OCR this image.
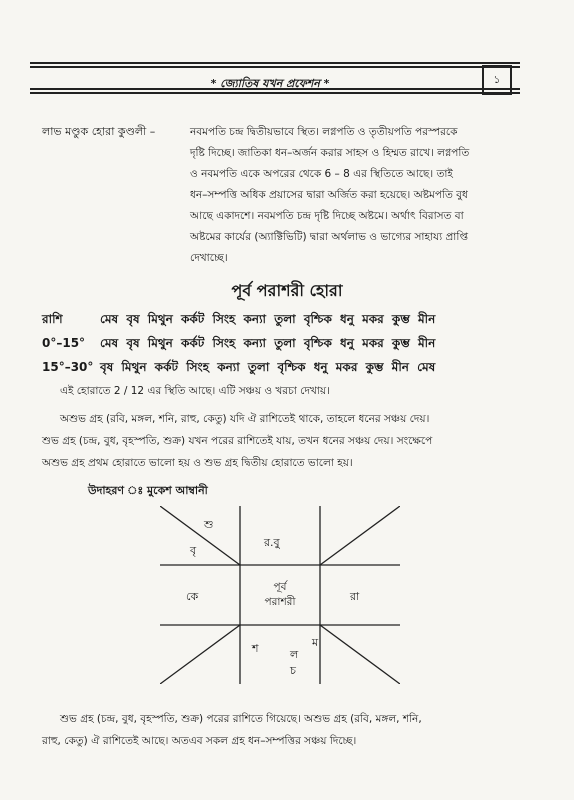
* জ্যোতিষ যখন প্রফেশন *	১
লাভ মণ্ডুক হোরা কুণ্ডলী –	নবমপতি চন্দ্র দ্বিতীয়ভাবে স্থিত। লগ্নপতি ও তৃতীয়পতি পরস্পরকে
দৃষ্টি দিচ্ছে। জাতিকা ধন–অর্জন করার সাহস ও হিম্মত রাখে। লগ্নপতি
ও নবমপতি একে অপরের থেকে 6 – 8 এর স্থিতিতে আছে। তাই
ধন–সম্পত্তি অধিক প্রয়াসের দ্বারা অর্জিত করা হয়েছে। অষ্টমপতি বুধ
আছে একাদশে। নবমপতি চন্দ্র দৃষ্টি দিচ্ছে অষ্টমে। অর্থাৎ বিরাসত বা
অষ্টমের কার্যের (অ্যাক্টিভিটি) দ্বারা অর্থলাভ ও ভাগ্যের সাহায্য প্রাপ্তি
দেখাচ্ছে।
পূর্ব পরাশরী হোরা
রাশি	মেষ বৃষ মিথুন কর্কট সিংহ কন্যা তুলা বৃশ্চিক ধনু মকর কুম্ভ মীন
0°–15°	মেষ বৃষ মিথুন কর্কট সিংহ কন্যা তুলা বৃশ্চিক ধনু মকর কুম্ভ মীন
15°–30° বৃষ মিথুন কর্কট সিংহ কন্যা তুলা বৃশ্চিক ধনু মকর কুম্ভ মীন মেষ
এই হোরাতে 2 / 12 এর স্থিতি আছে। এটি সঞ্চয় ও খরচা দেখায়।
অশুভ গ্রহ (রবি, মঙ্গল, শনি, রাহু, কেতু) যদি ঐ রাশিতেই থাকে, তাহলে ধনের সঞ্চয় দেয়।
শুভ গ্রহ (চন্দ্র, বুধ, বৃহস্পতি, শুক্র) যখন পরের রাশিতেই যায়, তখন ধনের সঞ্চয় দেয়। সংক্ষেপে
অশুভ গ্রহ প্রথম হোরাতে ভালো হয় ও শুভ গ্রহ দ্বিতীয় হোরাতে ভালো হয়।
উদাহরণ ঃ মুকেশ আম্বানী
শু
র.বু
বৃ
কে
পূর্ব
পরাশরী	রা
শ	ম
ল
চ
শুভ গ্রহ (চন্দ্র, বুধ, বৃহস্পতি, শুক্র) পরের রাশিতে গিয়েছে। অশুভ গ্রহ (রবি, মঙ্গল, শনি,
রাহু, কেতু) ঐ রাশিতেই আছে। অতএব সকল গ্রহ ধন–সম্পত্তির সঞ্চয় দিচ্ছে।
